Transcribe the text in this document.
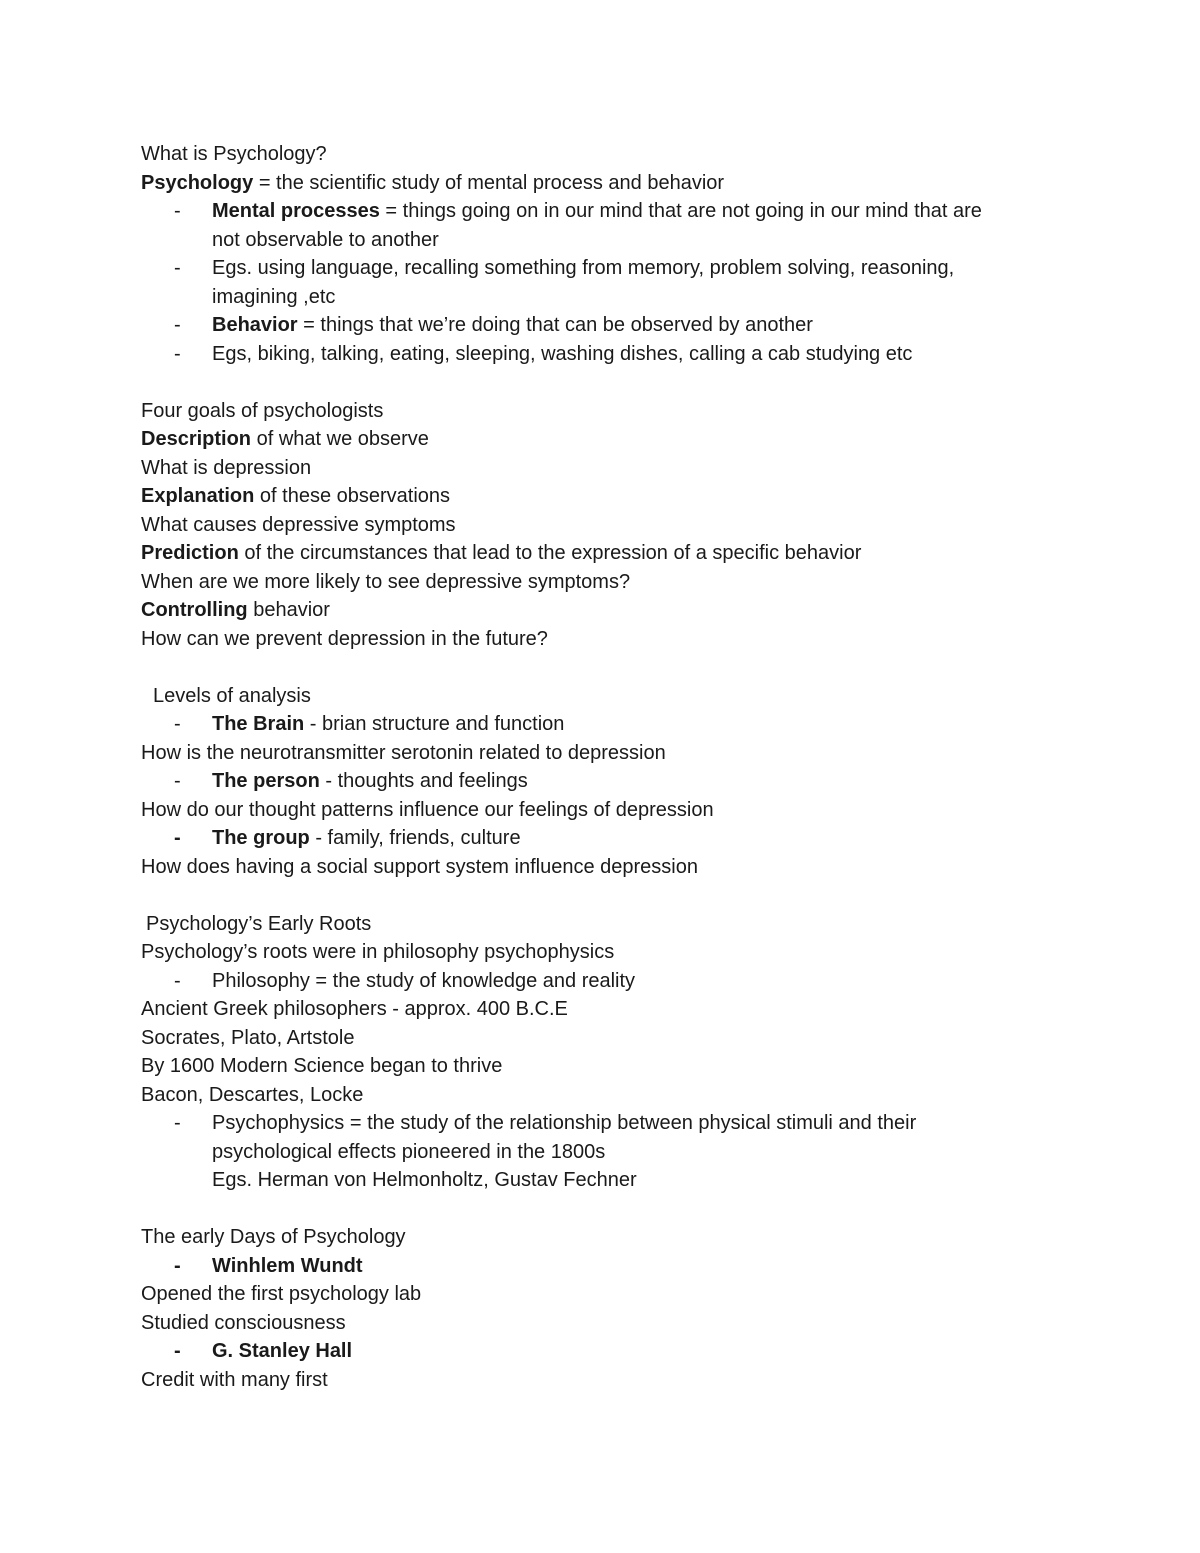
What is Psychology?

Psychology = the scientific study of mental process and behavior

- Mental processes = things going on in our mind that are not going in our mind that are
not observable to another
- Egs. using language, recalling something from memory, problem solving, reasoning,
imagining ,etc
- Behavior = things that we’re doing that can be observed by another
- Egs, biking, talking, eating, sleeping, washing dishes, calling a cab studying etc

Four goals of psychologists

Description of what we observe

What is depression

Explanation of these observations

What causes depressive symptoms

Prediction of the circumstances that lead to the expression of a specific behavior

When are we more likely to see depressive symptoms?

Controlling behavior

How can we prevent depression in the future?

Levels of analysis

- The Brain - brian structure and function

How is the neurotransmitter serotonin related to depression

- The person - thoughts and feelings

How do our thought patterns influence our feelings of depression

- The group - family, friends, culture

How does having a social support system influence depression

Psychology’s Early Roots

Psychology’s roots were in philosophy psychophysics

- Philosophy = the study of knowledge and reality

Ancient Greek philosophers - approx. 400 B.C.E

Socrates, Plato, Artstole

By 1600 Modern Science began to thrive

Bacon, Descartes, Locke

- Psychophysics = the study of the relationship between physical stimuli and their
psychological effects pioneered in the 1800s
Egs. Herman von Helmonholtz, Gustav Fechner

The early Days of Psychology

- Winhlem Wundt

Opened the first psychology lab

Studied consciousness

- G. Stanley Hall

Credit with many first
